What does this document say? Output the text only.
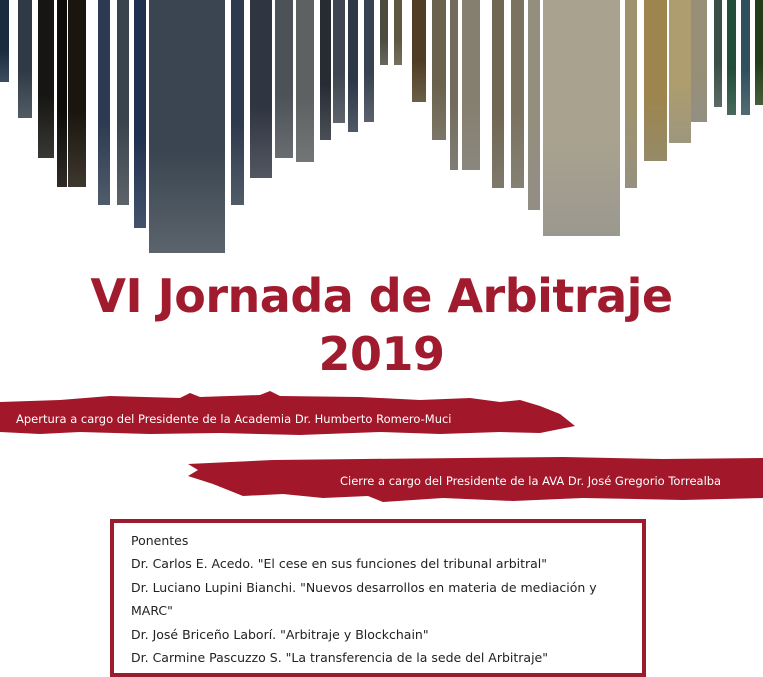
VI Jornada de Arbitraje
2019
Apertura a cargo del Presidente de la Academia Dr. Humberto Romero-Muci
Cierre a cargo del Presidente de la AVA Dr. José Gregorio Torrealba
Ponentes
Dr. Carlos E. Acedo. "El cese en sus funciones del tribunal arbitral"
Dr. Luciano Lupini Bianchi. "Nuevos desarrollos en materia de mediación y
MARC"
Dr. José Briceño Laborí. "Arbitraje y Blockchain"
Dr. Carmine Pascuzzo S. "La transferencia de la sede del Arbitraje"
